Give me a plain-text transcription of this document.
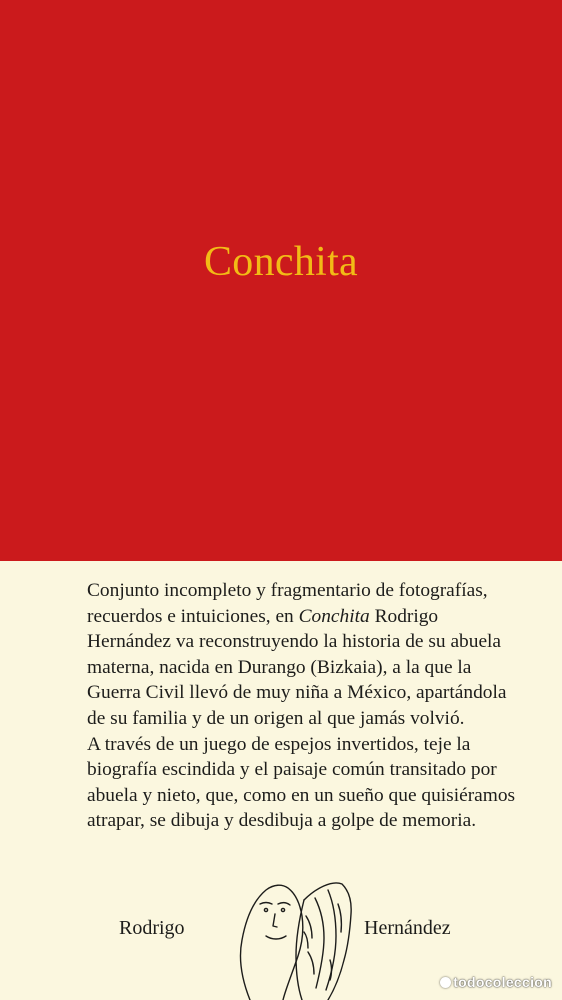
Conchita
Conjunto incompleto y fragmentario de fotografías,
recuerdos e intuiciones, en Conchita Rodrigo
Hernández va reconstruyendo la historia de su abuela
materna, nacida en Durango (Bizkaia), a la que la
Guerra Civil llevó de muy niña a México, apartándola
de su familia y de un origen al que jamás volvió.
A través de un juego de espejos invertidos, teje la
biografía escindida y el paisaje común transitado por
abuela y nieto, que, como en un sueño que quisiéramos
atrapar, se dibuja y desdibuja a golpe de memoria.
Rodrigo	Hernández
todocoleccion
